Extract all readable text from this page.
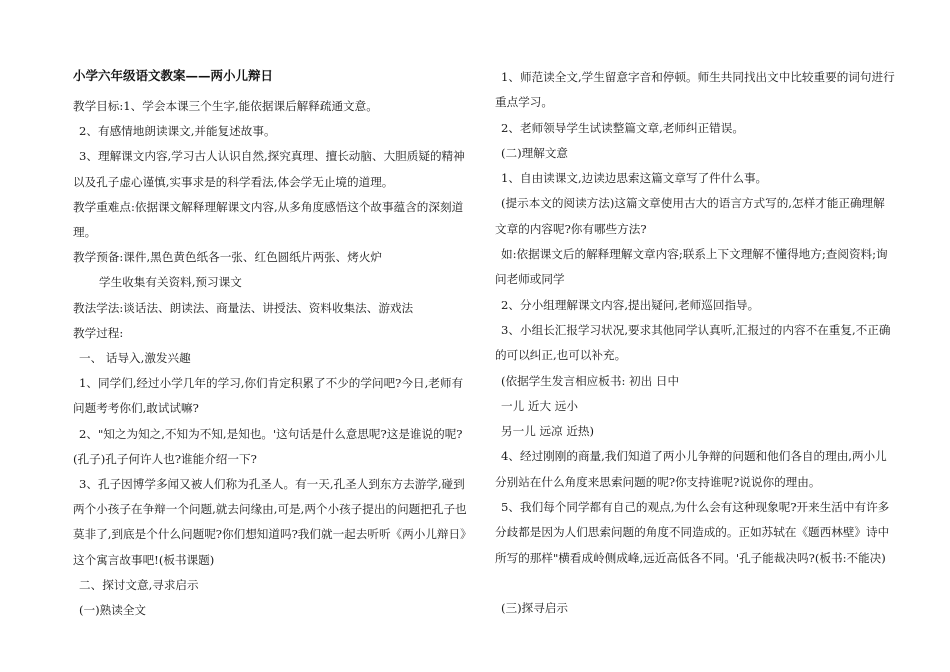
小学六年级语文教案——两小儿辩日
教学目标:1、学会本课三个生字,能依据课后解释疏通文意。
2、有感情地朗读课文,并能复述故事。
3、理解课文内容,学习古人认识自然,探究真理、擅长动脑、大胆质疑的精神
以及孔子虚心谨慎,实事求是的科学看法,体会学无止境的道理。
教学重难点:依据课文解释理解课文内容,从多角度感悟这个故事蕴含的深刻道
理。
教学预备:课件,黑色黄色纸各一张、红色圆纸片两张、烤火炉
学生收集有关资料,预习课文
教法学法:谈话法、朗读法、商量法、讲授法、资料收集法、游戏法
教学过程:
一、 话导入,激发兴趣
1、同学们,经过小学几年的学习,你们肯定积累了不少的学问吧?今日,老师有
问题考考你们,敢试试嘛?
2、"知之为知之,不知为不知,是知也。'这句话是什么意思呢?这是谁说的呢?
(孔子)孔子何许人也?谁能介绍一下?
3、孔子因博学多闻又被人们称为孔圣人。有一天,孔圣人到东方去游学,碰到
两个小孩子在争辩一个问题,就去问缘由,可是,两个小孩子提出的问题把孔子也
莫非了,到底是个什么问题呢?你们想知道吗?我们就一起去听听《两小儿辩日》
这个寓言故事吧!(板书课题)
二、探讨文意,寻求启示
(一)熟读全文
1、师范读全文,学生留意字音和停顿。师生共同找出文中比较重要的词句进行
重点学习。
2、老师领导学生试读整篇文章,老师纠正错误。
(二)理解文意
1、自由读课文,边读边思索这篇文章写了件什么事。
(提示本文的阅读方法)这篇文章使用古大的语言方式写的,怎样才能正确理解
文章的内容呢?你有哪些方法?
如:依据课文后的解释理解文章内容;联系上下文理解不懂得地方;查阅资料;询
问老师或同学
2、分小组理解课文内容,提出疑问,老师巡回指导。
3、小组长汇报学习状况,要求其他同学认真听,汇报过的内容不在重复,不正确
的可以纠正,也可以补充。
(依据学生发言相应板书: 初出 日中
一儿 近大 远小
另一儿 远凉 近热)
4、经过刚刚的商量,我们知道了两小儿争辩的问题和他们各自的理由,两小儿
分别站在什么角度来思索问题的呢?你支持谁呢?说说你的理由。
5、我们每个同学都有自己的观点,为什么会有这种现象呢?开来生活中有许多
分歧都是因为人们思索问题的角度不同造成的。正如苏轼在《题西林壁》诗中
所写的那样"横看成岭侧成峰,远近高低各不同。'孔子能裁决吗?(板书:不能决)
(三)探寻启示
